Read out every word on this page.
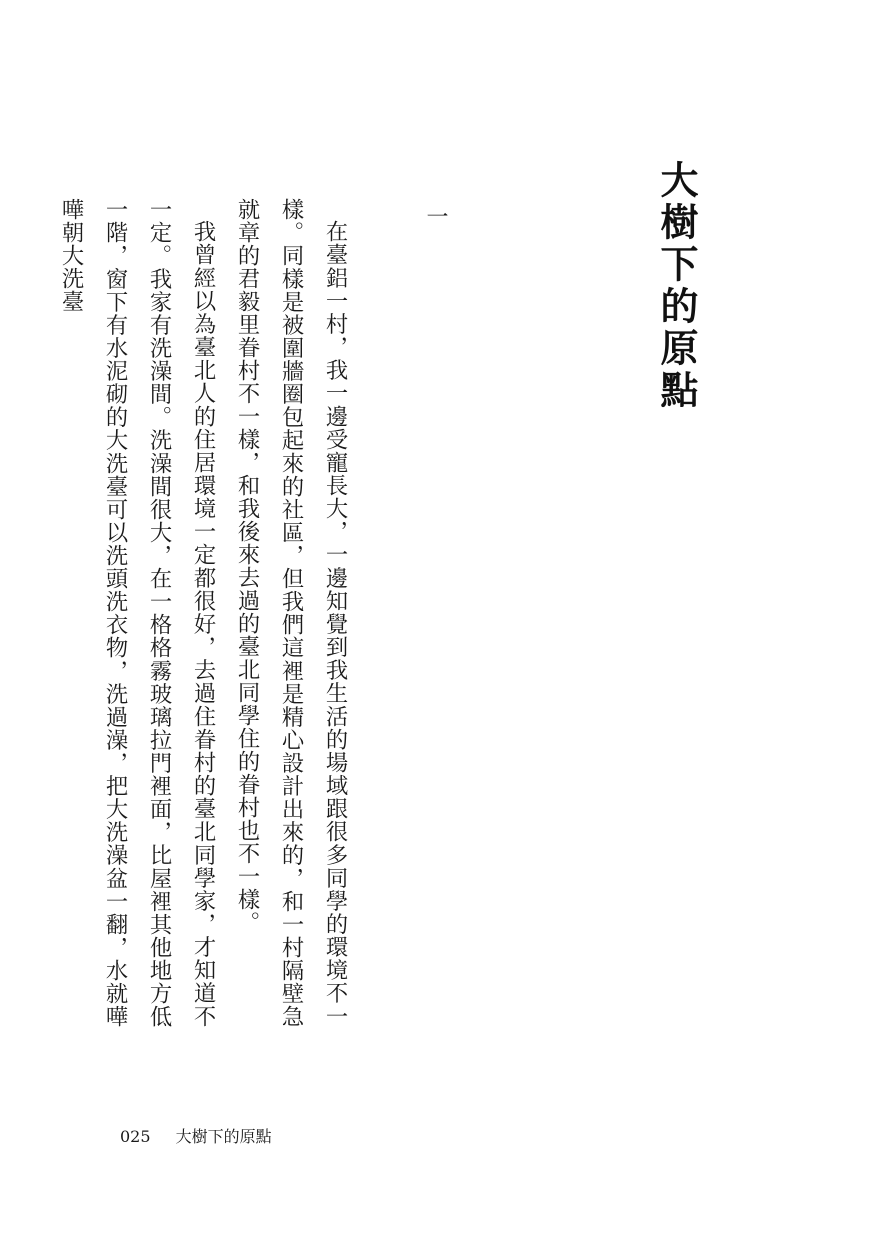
大樹下的原點
一

在臺鋁一村，我一邊受寵長大，一邊知覺到我生活的場域跟很多同學的環境不一樣。同樣是被圍牆圈包起來的社區，但我們這裡是精心設計出來的，和一村隔壁急就章的君毅里眷村不一樣，和我後來去過的臺北同學住的眷村也不一樣。

我曾經以為臺北人的住居環境一定都很好，去過住眷村的臺北同學家，才知道不一定。我家有洗澡間。洗澡間很大，在一格格霧玻璃拉門裡面，比屋裡其他地方低一階，窗下有水泥砌的大洗臺可以洗頭洗衣物，洗過澡，把大洗澡盆一翻，水就嘩嘩朝大洗臺

025 大樹下的原點
